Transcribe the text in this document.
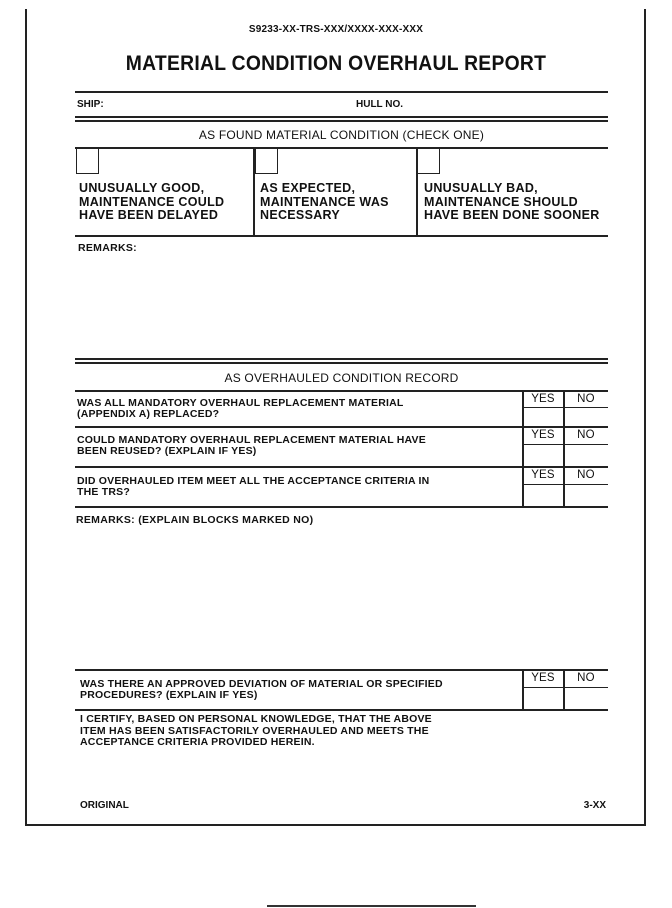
S9233-XX-TRS-XXX/XXXX-XXX-XXX
MATERIAL CONDITION OVERHAUL REPORT
SHIP:	HULL NO.
AS FOUND MATERIAL CONDITION (CHECK ONE)
UNUSUALLY GOOD,
MAINTENANCE COULD
HAVE BEEN DELAYED
AS EXPECTED,
MAINTENANCE WAS
NECESSARY
UNUSUALLY BAD,
MAINTENANCE SHOULD
HAVE BEEN DONE SOONER
REMARKS:
AS OVERHAULED CONDITION RECORD
WAS ALL MANDATORY OVERHAUL REPLACEMENT MATERIAL
(APPENDIX A) REPLACED?
YES	NO
COULD MANDATORY OVERHAUL REPLACEMENT MATERIAL HAVE
BEEN REUSED? (EXPLAIN IF YES)
YES	NO
DID OVERHAULED ITEM MEET ALL THE ACCEPTANCE CRITERIA IN
THE TRS?
YES	NO
REMARKS: (EXPLAIN BLOCKS MARKED NO)
WAS THERE AN APPROVED DEVIATION OF MATERIAL OR SPECIFIED
PROCEDURES? (EXPLAIN IF YES)
YES	NO
I CERTIFY, BASED ON PERSONAL KNOWLEDGE, THAT THE ABOVE
ITEM HAS BEEN SATISFACTORILY OVERHAULED AND MEETS THE
ACCEPTANCE CRITERIA PROVIDED HEREIN.
ORIGINAL	3-XX
